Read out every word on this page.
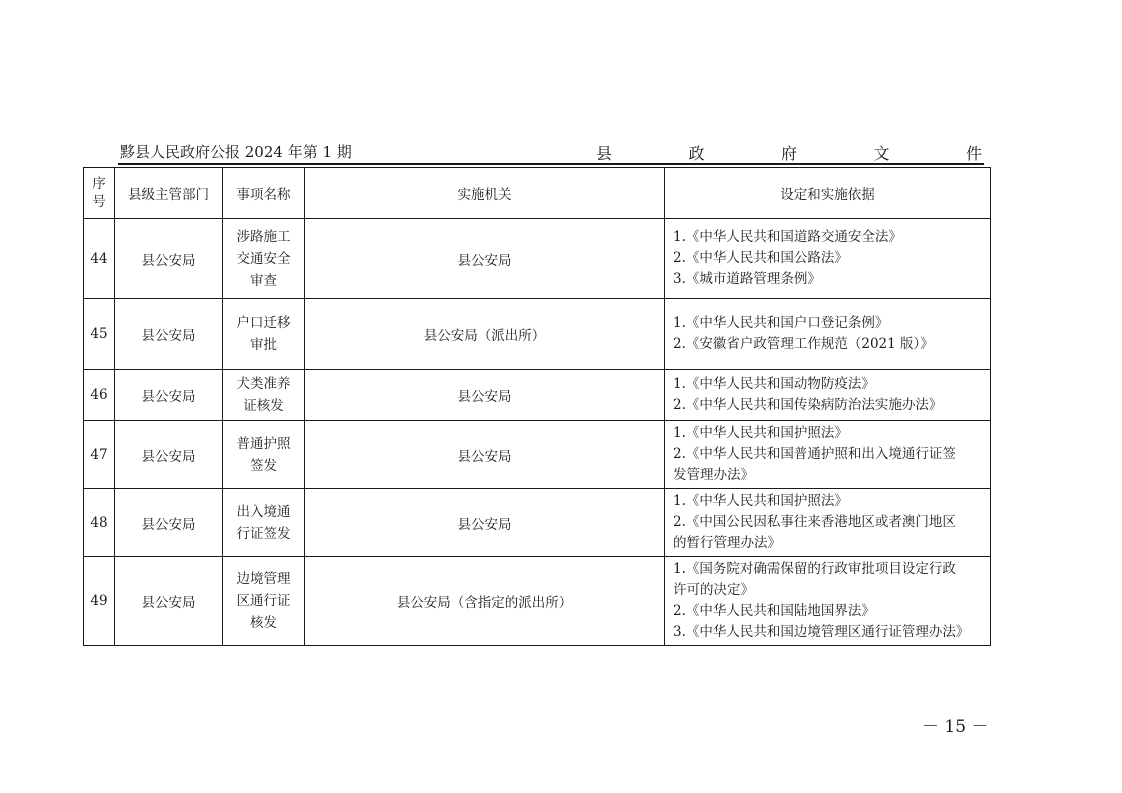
黟县人民政府公报 2024 年第 1 期	县	政	府	文	件
序
号	县级主管部门	事项名称	实施机关	设定和实施依据
44	县公安局	涉路施工
交通安全
审查	县公安局	1.《中华人民共和国道路交通安全法》
2.《中华人民共和国公路法》
3.《城市道路管理条例》

45	县公安局	户口迁移
审批	县公安局（派出所）	1.《中华人民共和国户口登记条例》
2.《安徽省户政管理工作规范（2021 版）》

46	县公安局	犬类准养
证核发	县公安局	1.《中华人民共和国动物防疫法》
2.《中华人民共和国传染病防治法实施办法》

47	县公安局	普通护照
签发	县公安局	1.《中华人民共和国护照法》
2.《中华人民共和国普通护照和出入境通行证签
发管理办法》

48	县公安局	出入境通
行证签发	县公安局	1.《中华人民共和国护照法》
2.《中国公民因私事往来香港地区或者澳门地区
的暂行管理办法》

49	县公安局	边境管理
区通行证
核发	县公安局（含指定的派出所）	1.《国务院对确需保留的行政审批项目设定行政
许可的决定》
2.《中华人民共和国陆地国界法》
3.《中华人民共和国边境管理区通行证管理办法》
－ 15 －
